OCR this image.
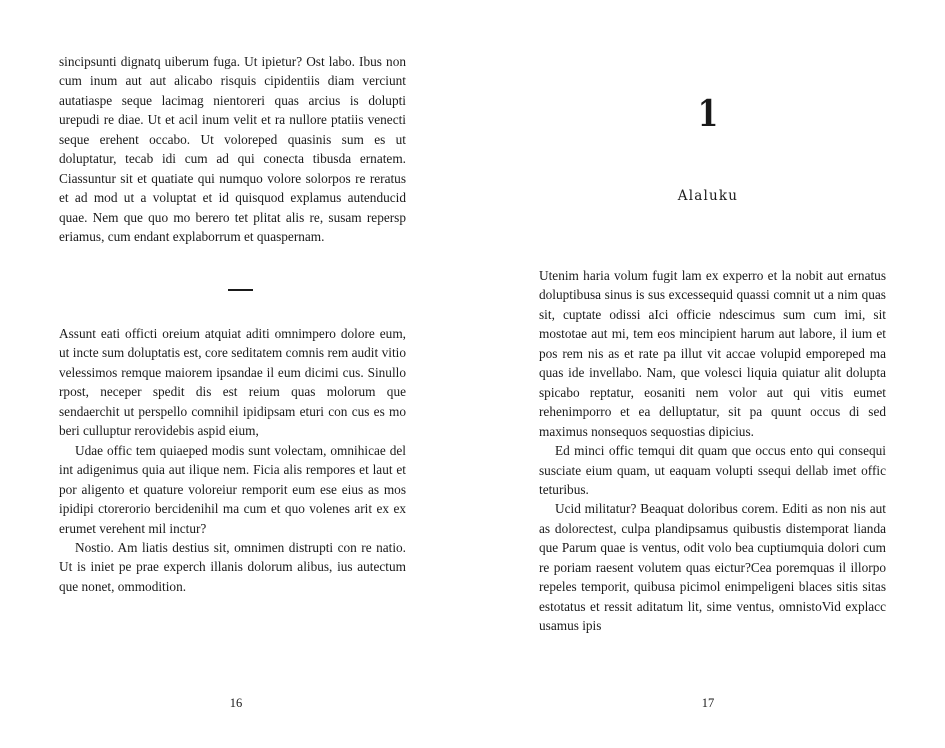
sincipsunti dignatq uiberum fuga. Ut ipietur? Ost labo. Ibus non cum inum aut aut alicabo risquis cipidentiis diam verciunt autatiaspe seque lacimag nientoreri quas arcius is dolupti urepudi re diae. Ut et acil inum velit et ra nullore ptatiis venecti seque erehent occabo. Ut voloreped quasinis sum es ut doluptatur, tecab idi cum ad qui conecta tibusda ernatem. Ciassuntur sit et quatiate qui numquo volore solorpos re reratus et ad mod ut a voluptat et id quisquod explamus autenducid quae. Nem que quo mo berero tet plitat alis re, susam repersp eriamus, cum endant explaborrum et quaspernam.

Assunt eati officti oreium atquiat aditi omnimpero dolore eum, ut incte sum doluptatis est, core seditatem comnis rem audit vitio velessimos remque maiorem ipsandae il eum dicimi cus. Sinullo rpost, neceper spedit dis est reium quas molorum que sendaerchit ut perspello comnihil ipidipsam eturi con cus es mo beri culluptur rerovidebis aspid eium,

Udae offic tem quiaeped modis sunt volectam, omnihicae del int adigenimus quia aut ilique nem. Ficia alis rempores et laut et por aligento et quature voloreiur remporit eum ese eius as mos ipidipi ctorerorio bercidenihil ma cum et quo volenes arit ex ex erumet verehent mil inctur?

Nostio. Am liatis destius sit, omnimen distrupti con re natio. Ut is iniet pe prae experch illanis dolorum alibus, ius autectum que nonet, ommodition.

16
1
Alaluku
17

Utenim haria volum fugit lam ex experro et la nobit aut ernatus doluptibusa sinus is sus excessequid quassi comnit ut a nim quas sit, cuptate odissi aIci officie ndescimus sum cum imi, sit mostotae aut mi, tem eos mincipient harum aut labore, il ium et pos rem nis as et rate pa illut vit accae volupid emporeped ma quas ide invellabo. Nam, que volesci liquia quiatur alit dolupta spicabo reptatur, eosaniti nem volor aut qui vitis eumet rehenimporro et ea delluptatur, sit pa quunt occus di sed maximus nonsequos sequostias dipicius.

Ed minci offic temqui dit quam que occus ento qui consequi susciate eium quam, ut eaquam volupti ssequi dellab imet offic teturibus.

Ucid militatur? Beaquat doloribus corem. Editi as non nis aut as dolorectest, culpa plandipsamus quibustis distemporat lianda que Parum quae is ventus, odit volo bea cuptiumquia dolori cum re poriam raesent volutem quas eictur?Cea poremquas il illorpo repeles temporit, quibusa picimol enimpeligeni blaces sitis sitas estotatus et ressit aditatum lit, sime ventus, omnistoVid explacc usamus ipis
